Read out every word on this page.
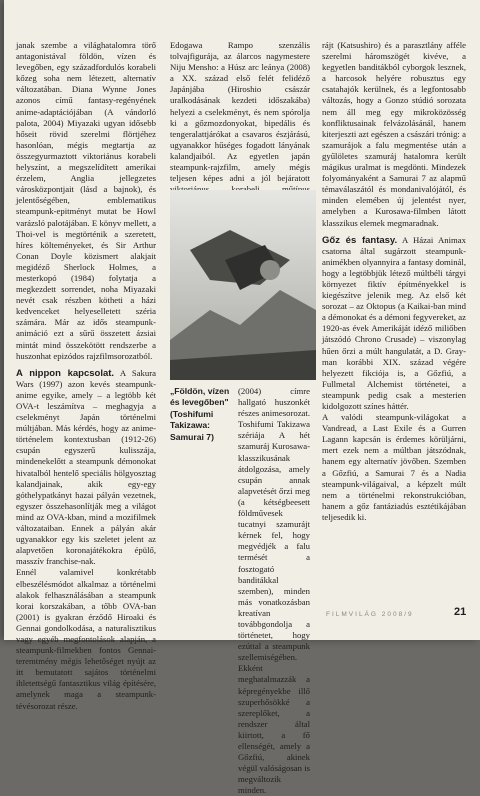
janak szembe a világhatalomra törő antagonistával földön, vízen és levegőben, egy századfordulós korabeli kőzeg soha nem létezett, alternatív változatában. Diana Wynne Jones azonos című fantasy-regényének anime-adaptációjában (A vándorló palota, 2004) Miyazaki ugyan idősebb hőseit rövid szerelmi flörtjéhez hasonlóan, mégis megtartja az összegyurmaztott viktoriánus korabeli helyszínt, a megszelídített amerikai érzelem, Anglia jellegzetes városközpontjait (lásd a bajnok), és jelentőségében, emblematikus steampunk-epitményt mutat be Howl varázsló palotájában. E könyv mellett, a Thoi-vel is megtörténik a szeretett, híres költeményeket, és Sir Arthur Conan Doyle közismert alakjait megidéző Sherlock Holmes, a mesterkopó (1984) folytatja a megkezdett sorrendet, noha Miyazaki nevét csak részben kötheti a házi kedvenceket helyeselletett széria számára. Már az idős steampunk-animáció ezt a sűrű összetett ázsiai mintát mind összekötött rendszerbe a huszonhat epizódos rajzfilmsorozatból.

A nippon kapcsolat. A Sakura Wars (1997) azon kevés steampunk-anime egyike, amely – a legtöbb két OVA-t leszámítva – meghagyja a cselekményt Japán történelmi múltjában. Más kérdés, hogy az anime-történelem kontextusban (1912-26) csupán egyszerű kulisszája, mindenekelőtt a steampunk démonokat hivatalból hentelő speciális hölgyosztag kalandjainak, akik egy-egy góthelypatkányt hazai pályán vezetnek, egyszer összehasonlítják meg a világot mind az OVA-kban, mind a mozifilmek változataiban. Ennek a pályán akár ugyanakkor egy kis szeletet jelent az alapvetően koronajátékokra épülő, masszív franchise-nak.

Ennél valamivel konkrétabb elbeszélésmódot alkalmaz a történelmi alakok felhasználásában a steampunk korai korszakában, a tőbb OVA-ban (2001) is gyakran érződő Hiroaki és Gennai gondolkodása, a naturalisztikus vagy egyéb megfontolások alapján, a steampunk-filmekben fontos Gennai-teremtmény mégis lehetőséget nyújt az itt bemutatott sajátos történelmi ihletettségű fantasztikus világ építésére, amelynek maga a steampunk-tévésorozat része.

Edogawa Rampo szenzális tolvajfigurája, az álarcos nagymestere Niju Mensho: a Húsz arc leánya (2008) a XX. század első felét felidéző Japánjába (Hiroshio császár uralkodásának kezdeti időszakába) helyezi a cselekményt, és nem spórolja ki a gőzmozdonyokat, bipedális és tengeralattjárókat a csavaros észjárású, ugyanakkor hűséges fogadott lányának kalandjaiból. Az egyetlen japán steampunk-rajzfilm, amely mégis teljesen képes adni a jól bejáratott

„Földön, vízen és levegőben" (Toshifumi Takizawa: Samurai 7)

(2004) címre hallgató huszonkét részes animesorozat. Toshifumi Takizawa szériája A hét szamuráj Kurosawa-klasszikusának átdolgozása, amely csupán annak alapvetését őrzi meg (a kétségbeesett földművesek tucatnyi szamurájt kérnek fel, hogy megvédjék a falu termését a fosztogató banditákkal szemben), minden más vonatkozásban kreatívan továbbgondolja a történetet, hogy ezúttal a steampunk szellemiségében. Ekként meghatalmazzák a képregényekbe illő szuperhősökké a szereplőket, a rendszer által kiirtott, a fő ellenségét, amely a Gőzfiú, akinek végül valóságosan is megváltozik minden.

rájt (Katsushiro) és a parasztlány afféle szerelmi háromszögét kivéve, a kegyetlen banditákból cyborgok lesznek, a harcosok helyére robusztus egy csatahajók kerülnek, és a legfontosabb változás, hogy a Gonzo stúdió sorozata nem áll meg egy mikroközösség konfliktusainak felvázolásánál, hanem kiterjeszti azt egészen a császári trónig: a szamurájok a falu megmentése után a gyűlöletes szamuráj hatalomra került mágikus uralmat is megdönti. Mindezek folyományaként a Samurai 7 az alapmű témaválaszától és mondanivalójától, és minden elemében új jelentést nyer, amelyben a Kurosawa-filmben látott klasszikus elemek megmaradnak.

Gőz és fantasy. A Házai Animax csatorna által sugárzott steampunk-animékben olyannyira a fantasy dominál, hogy a legtöbbjük létező múltbéli tárgyi környezet fiktív építményekkel is kiegészítve jelenik meg. Az első két sorozat – az Oktopus (a Kaikai-ban mind a démonokat és a démoni fegyvereket, az 1920-as évek Amerikáját idéző miliőben játszódó Chrono Crusade) – viszonylag hűen őrzi a múlt hangulatát, a D. Gray-man korábbi XIX. század végére helyezett fikciója is, a Gőzfiú, a Fullmetal Alchemist történetei, a steampunk pedig csak a mesterien kidolgozott színes háttér.

A valódi steampunk-világokat a Vandread, a Last Exile és a Gurren Lagann kapcsán is érdemes körüljárni, mert ezek nem a múltban játszódnak, hanem egy alternatív jövőben. Szemben a Gőzfiú, a Samurai 7 és a Nadia steampunk-világaival, a képzelt múlt nem a történelmi rekonstrukcióban, hanem a gőz fantáziadús esztétikájában teljesedik ki.

FILMVILÁG 2008/9	21
